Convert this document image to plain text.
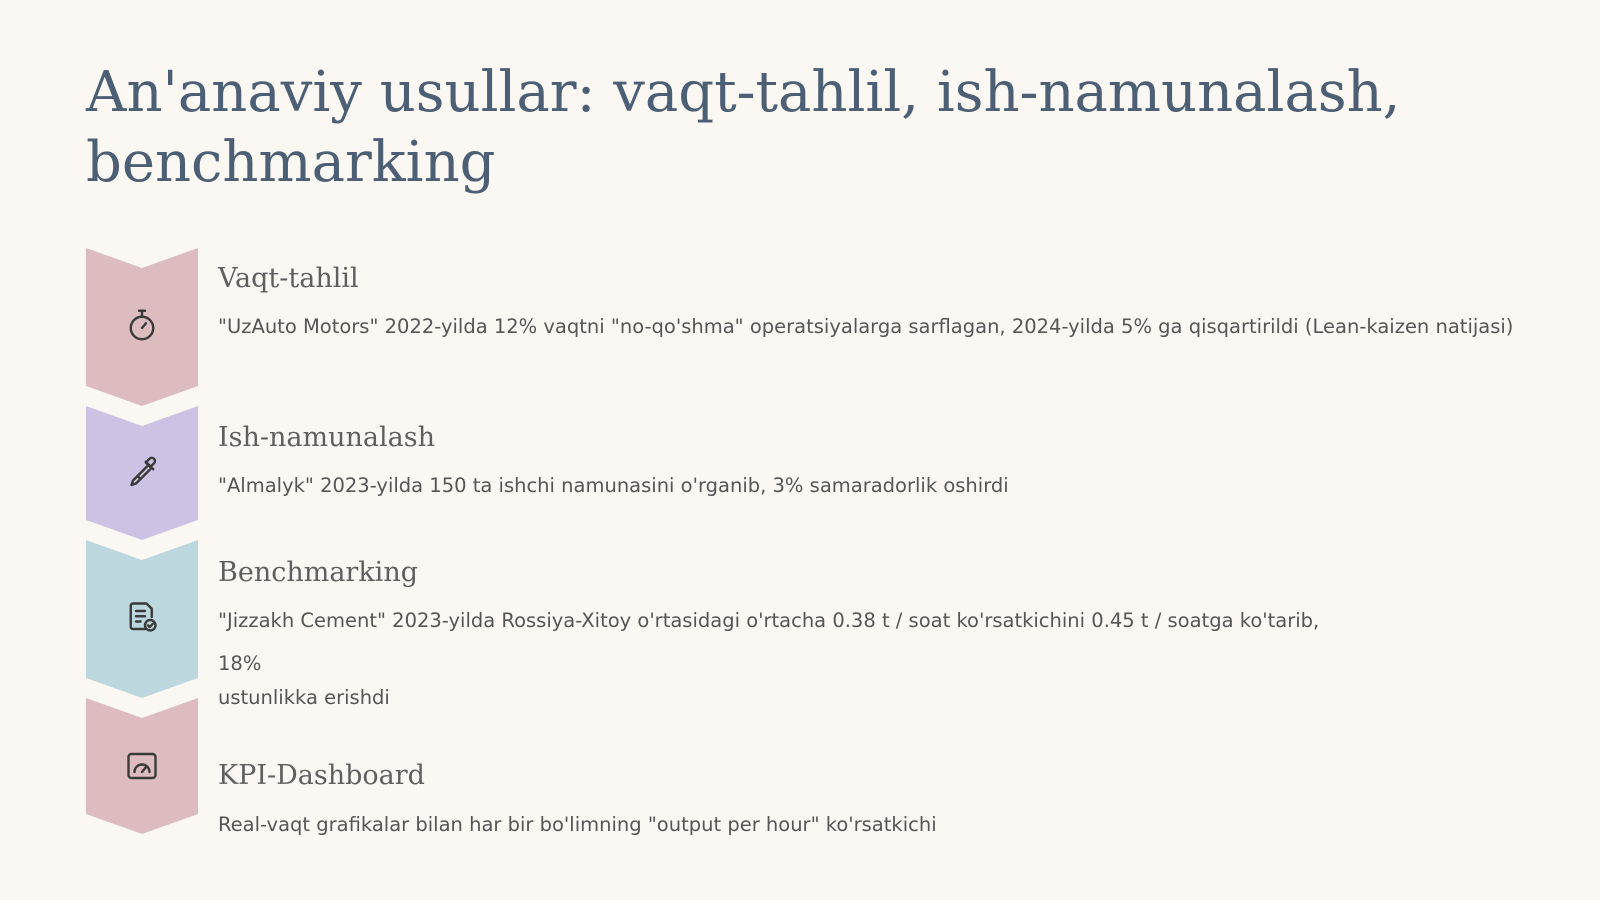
An'anaviy usullar: vaqt-tahlil, ish-namunalash, benchmarking
Vaqt-tahlil

"UzAuto Motors" 2022-yilda 12% vaqtni "no-qo'shma" operatsiyalarga sarflagan, 2024-yilda 5% ga qisqartirildi (Lean-kaizen natijasi)

Ish-namunalash

"Almalyk" 2023-yilda 150 ta ishchi namunasini o'rganib, 3% samaradorlik oshirdi

Benchmarking

"Jizzakh Cement" 2023-yilda Rossiya-Xitoy o'rtasidagi o'rtacha 0.38 t / soat ko'rsatkichini 0.45 t / soatga ko'tarib,
18%
ustunlikka erishdi

KPI-Dashboard

Real-vaqt grafikalar bilan har bir bo'limning "output per hour" ko'rsatkichi
